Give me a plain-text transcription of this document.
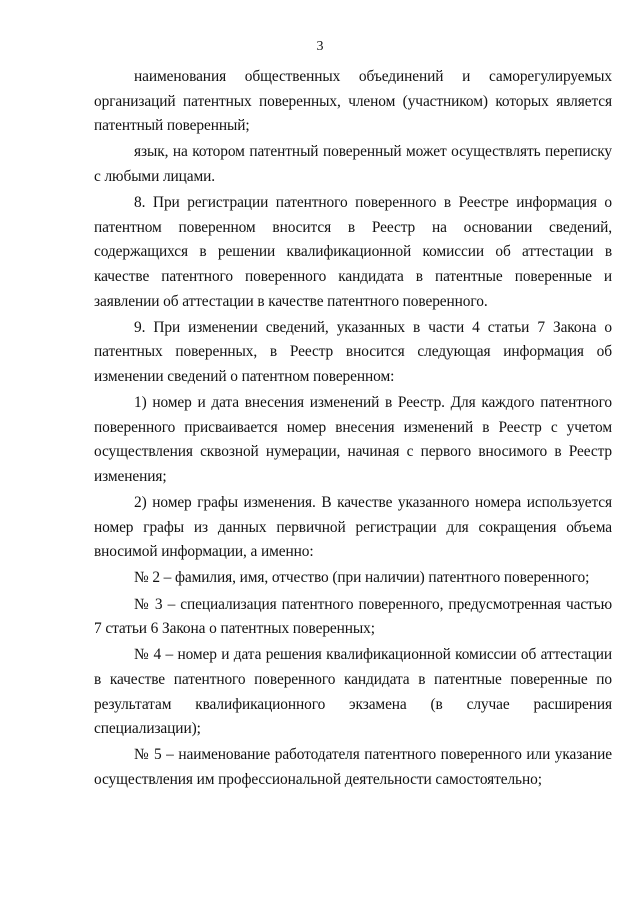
3

наименования общественных объединений и саморегулируемых организаций патентных поверенных, членом (участником) которых является патентный поверенный;

язык, на котором патентный поверенный может осуществлять переписку с любыми лицами.

8. При регистрации патентного поверенного в Реестре информация о патентном поверенном вносится в Реестр на основании сведений, содержащихся в решении квалификационной комиссии об аттестации в качестве патентного поверенного кандидата в патентные поверенные и заявлении об аттестации в качестве патентного поверенного.

9. При изменении сведений, указанных в части 4 статьи 7 Закона о патентных поверенных, в Реестр вносится следующая информация об изменении сведений о патентном поверенном:

1) номер и дата внесения изменений в Реестр. Для каждого патентного поверенного присваивается номер внесения изменений в Реестр с учетом осуществления сквозной нумерации, начиная с первого вносимого в Реестр изменения;

2) номер графы изменения. В качестве указанного номера используется номер графы из данных первичной регистрации для сокращения объема вносимой информации, а именно:

№ 2 – фамилия, имя, отчество (при наличии) патентного поверенного;

№ 3 – специализация патентного поверенного, предусмотренная частью 7 статьи 6 Закона о патентных поверенных;

№ 4 – номер и дата решения квалификационной комиссии об аттестации в качестве патентного поверенного кандидата в патентные поверенные по результатам квалификационного экзамена (в случае расширения специализации);

№ 5 – наименование работодателя патентного поверенного или указание осуществления им профессиональной деятельности самостоятельно;
